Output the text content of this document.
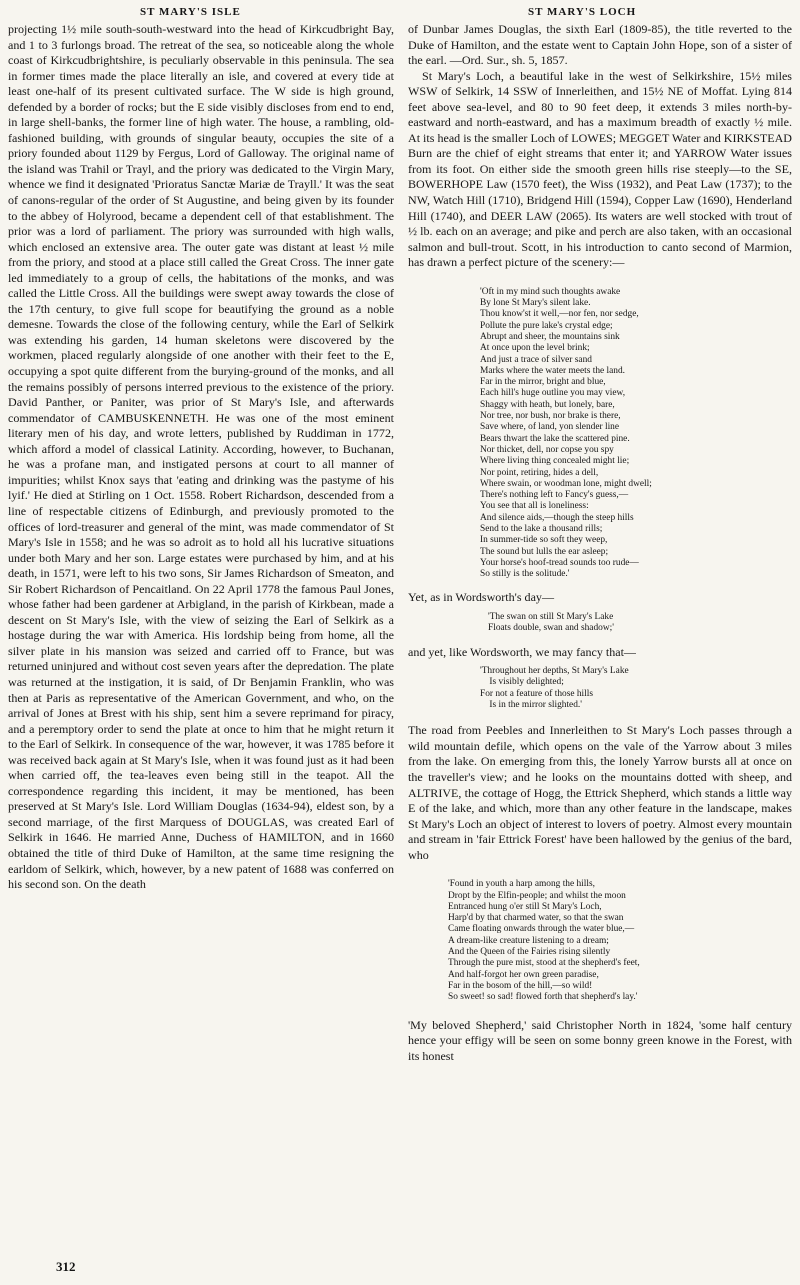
ST MARY'S ISLE	ST MARY'S LOCH

projecting 1½ mile south-south-westward into the head of Kirkcudbright Bay, and 1 to 3 furlongs broad. The retreat of the sea, so noticeable along the whole coast of Kirkcudbrightshire, is peculiarly observable in this peninsula. The sea in former times made the place literally an isle, and covered at every tide at least one-half of its present cultivated surface. The W side is high ground, defended by a border of rocks; but the E side visibly discloses from end to end, in large shell-banks, the former line of high water. The house, a rambling, old-fashioned building, with grounds of singular beauty, occupies the site of a priory founded about 1129 by Fergus, Lord of Galloway. The original name of the island was Trahil or Trayl, and the priory was dedicated to the Virgin Mary, whence we find it designated 'Prioratus Sanctæ Mariæ de Trayll.' It was the seat of canons-regular of the order of St Augustine, and being given by its founder to the abbey of Holyrood, became a dependent cell of that establishment. The prior was a lord of parliament. The priory was surrounded with high walls, which enclosed an extensive area. The outer gate was distant at least ½ mile from the priory, and stood at a place still called the Great Cross. The inner gate led immediately to a group of cells, the habitations of the monks, and was called the Little Cross. All the buildings were swept away towards the close of the 17th century, to give full scope for beautifying the ground as a noble demesne. Towards the close of the following century, while the Earl of Selkirk was extending his garden, 14 human skeletons were discovered by the workmen, placed regularly alongside of one another with their feet to the E, occupying a spot quite different from the burying-ground of the monks, and all the remains possibly of persons interred previous to the existence of the priory. David Panther, or Paniter, was prior of St Mary's Isle, and afterwards commendator of CAMBUSKENNETH. He was one of the most eminent literary men of his day, and wrote letters, published by Ruddiman in 1772, which afford a model of classical Latinity. According, however, to Buchanan, he was a profane man, and instigated persons at court to all manner of impurities; whilst Knox says that 'eating and drinking was the pastyme of his lyif.' He died at Stirling on 1 Oct. 1558. Robert Richardson, descended from a line of respectable citizens of Edinburgh, and previously promoted to the offices of lord-treasurer and general of the mint, was made commendator of St Mary's Isle in 1558; and he was so adroit as to hold all his lucrative situations under both Mary and her son. Large estates were purchased by him, and at his death, in 1571, were left to his two sons, Sir James Richardson of Smeaton, and Sir Robert Richardson of Pencaitland. On 22 April 1778 the famous Paul Jones, whose father had been gardener at Arbigland, in the parish of Kirkbean, made a descent on St Mary's Isle, with the view of seizing the Earl of Selkirk as a hostage during the war with America. His lordship being from home, all the silver plate in his mansion was seized and carried off to France, but was returned uninjured and without cost seven years after the depredation. The plate was returned at the instigation, it is said, of Dr Benjamin Franklin, who was then at Paris as representative of the American Government, and who, on the arrival of Jones at Brest with his ship, sent him a severe reprimand for piracy, and a peremptory order to send the plate at once to him that he might return it to the Earl of Selkirk. In consequence of the war, however, it was 1785 before it was received back again at St Mary's Isle, when it was found just as it had been when carried off, the tea-leaves even being still in the teapot. All the correspondence regarding this incident, it may be mentioned, has been preserved at St Mary's Isle. Lord William Douglas (1634-94), eldest son, by a second marriage, of the first Marquess of DOUGLAS, was created Earl of Selkirk in 1646. He married Anne, Duchess of HAMILTON, and in 1660 obtained the title of third Duke of Hamilton, at the same time resigning the earldom of Selkirk, which, however, by a new patent of 1688 was conferred on his second son. On the death

of Dunbar James Douglas, the sixth Earl (1809-85), the title reverted to the Duke of Hamilton, and the estate went to Captain John Hope, son of a sister of the earl. —Ord. Sur., sh. 5, 1857.

St Mary's Loch, a beautiful lake in the west of Selkirkshire, 15½ miles WSW of Selkirk, 14 SSW of Innerleithen, and 15½ NE of Moffat. Lying 814 feet above sea-level, and 80 to 90 feet deep, it extends 3 miles north-by-eastward and north-eastward, and has a maximum breadth of exactly ½ mile. At its head is the smaller Loch of LOWES; MEGGET Water and KIRKSTEAD Burn are the chief of eight streams that enter it; and YARROW Water issues from its foot. On either side the smooth green hills rise steeply—to the SE, BOWERHOPE Law (1570 feet), the Wiss (1932), and Peat Law (1737); to the NW, Watch Hill (1710), Bridgend Hill (1594), Copper Law (1690), Henderland Hill (1740), and DEER LAW (2065). Its waters are well stocked with trout of ½ lb. each on an average; and pike and perch are also taken, with an occasional salmon and bull-trout. Scott, in his introduction to canto second of Marmion, has drawn a perfect picture of the scenery:—

'Oft in my mind such thoughts awake
By lone St Mary's silent lake.
Thou know'st it well,—nor fen, nor sedge,
Pollute the pure lake's crystal edge;
Abrupt and sheer, the mountains sink
At once upon the level brink;
And just a trace of silver sand
Marks where the water meets the land.
Far in the mirror, bright and blue,
Each hill's huge outline you may view,
Shaggy with heath, but lonely, bare,
Nor tree, nor bush, nor brake is there,
Save where, of land, yon slender line
Bears thwart the lake the scattered pine.
Nor thicket, dell, nor copse you spy
Where living thing concealed might lie;
Nor point, retiring, hides a dell,
Where swain, or woodman lone, might dwell;
There's nothing left to Fancy's guess,—
You see that all is loneliness:
And silence aids,—though the steep hills
Send to the lake a thousand rills;
In summer-tide so soft they weep,
The sound but lulls the ear asleep;
Your horse's hoof-tread sounds too rude—
So stilly is the solitude.'

Yet, as in Wordsworth's day—

'The swan on still St Mary's Lake
Floats double, swan and shadow;'

and yet, like Wordsworth, we may fancy that—

'Throughout her depths, St Mary's Lake
Is visibly delighted;
For not a feature of those hills
Is in the mirror slighted.'

The road from Peebles and Innerleithen to St Mary's Loch passes through a wild mountain defile, which opens on the vale of the Yarrow about 3 miles from the lake. On emerging from this, the lonely Yarrow bursts all at once on the traveller's view; and he looks on the mountains dotted with sheep, and ALTRIVE, the cottage of Hogg, the Ettrick Shepherd, which stands a little way E of the lake, and which, more than any other feature in the landscape, makes St Mary's Loch an object of interest to lovers of poetry. Almost every mountain and stream in 'fair Ettrick Forest' have been hallowed by the genius of the bard, who

'Found in youth a harp among the hills,
Dropt by the Elfin-people; and whilst the moon
Entranced hung o'er still St Mary's Loch,
Harp'd by that charmed water, so that the swan
Came floating onwards through the water blue,—
A dream-like creature listening to a dream;
And the Queen of the Fairies rising silently
Through the pure mist, stood at the shepherd's feet,
And half-forgot her own green paradise,
Far in the bosom of the hill,—so wild!
So sweet! so sad! flowed forth that shepherd's lay.'

'My beloved Shepherd,' said Christopher North in 1824, 'some half century hence your effigy will be seen on some bonny green knowe in the Forest, with its honest

312
